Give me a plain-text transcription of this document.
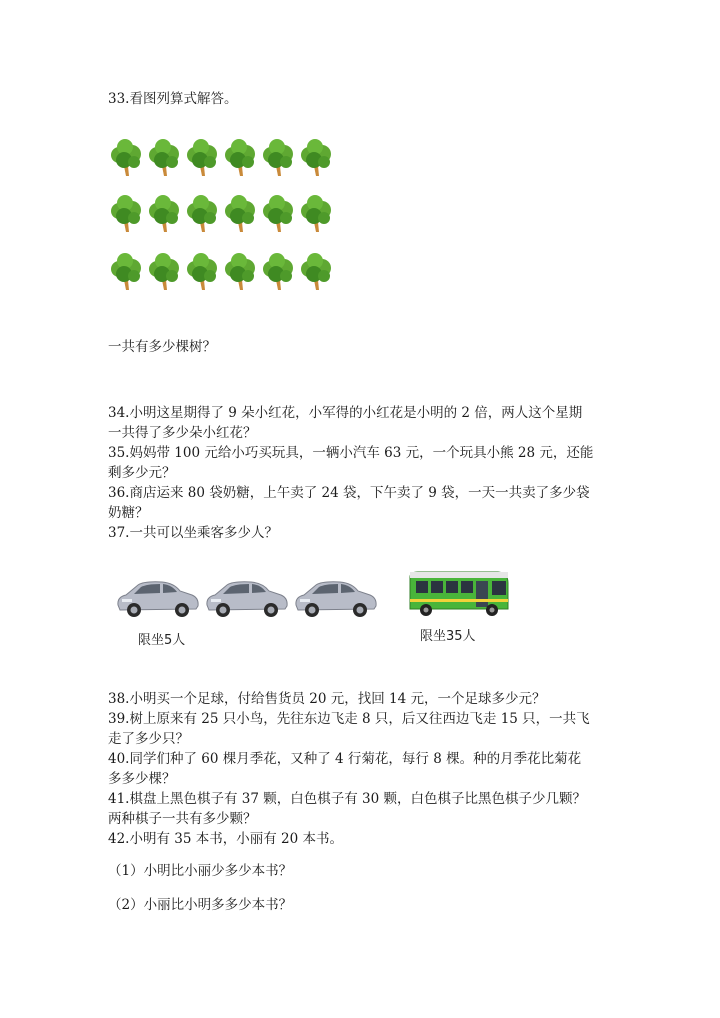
33.看图列算式解答。
一共有多少棵树？
34.小明这星期得了 9 朵小红花，小军得的小红花是小明的 2 倍，两人这个星期
一共得了多少朵小红花？
35.妈妈带 100 元给小巧买玩具，一辆小汽车 63 元，一个玩具小熊 28 元，还能
剩多少元？
36.商店运来 80 袋奶糖，上午卖了 24 袋，下午卖了 9 袋，一天一共卖了多少袋
奶糖？
37.一共可以坐乘客多少人？
限坐5人	限坐35人
38.小明买一个足球，付给售货员 20 元，找回 14 元，一个足球多少元？
39.树上原来有 25 只小鸟，先往东边飞走 8 只，后又往西边飞走 15 只，一共飞
走了多少只？
40.同学们种了 60 棵月季花，又种了 4 行菊花，每行 8 棵。种的月季花比菊花
多多少棵？
41.棋盘上黑色棋子有 37 颗，白色棋子有 30 颗，白色棋子比黑色棋子少几颗？
两种棋子一共有多少颗？
42.小明有 35 本书，小丽有 20 本书。
（1）小明比小丽少多少本书？
（2）小丽比小明多多少本书？
